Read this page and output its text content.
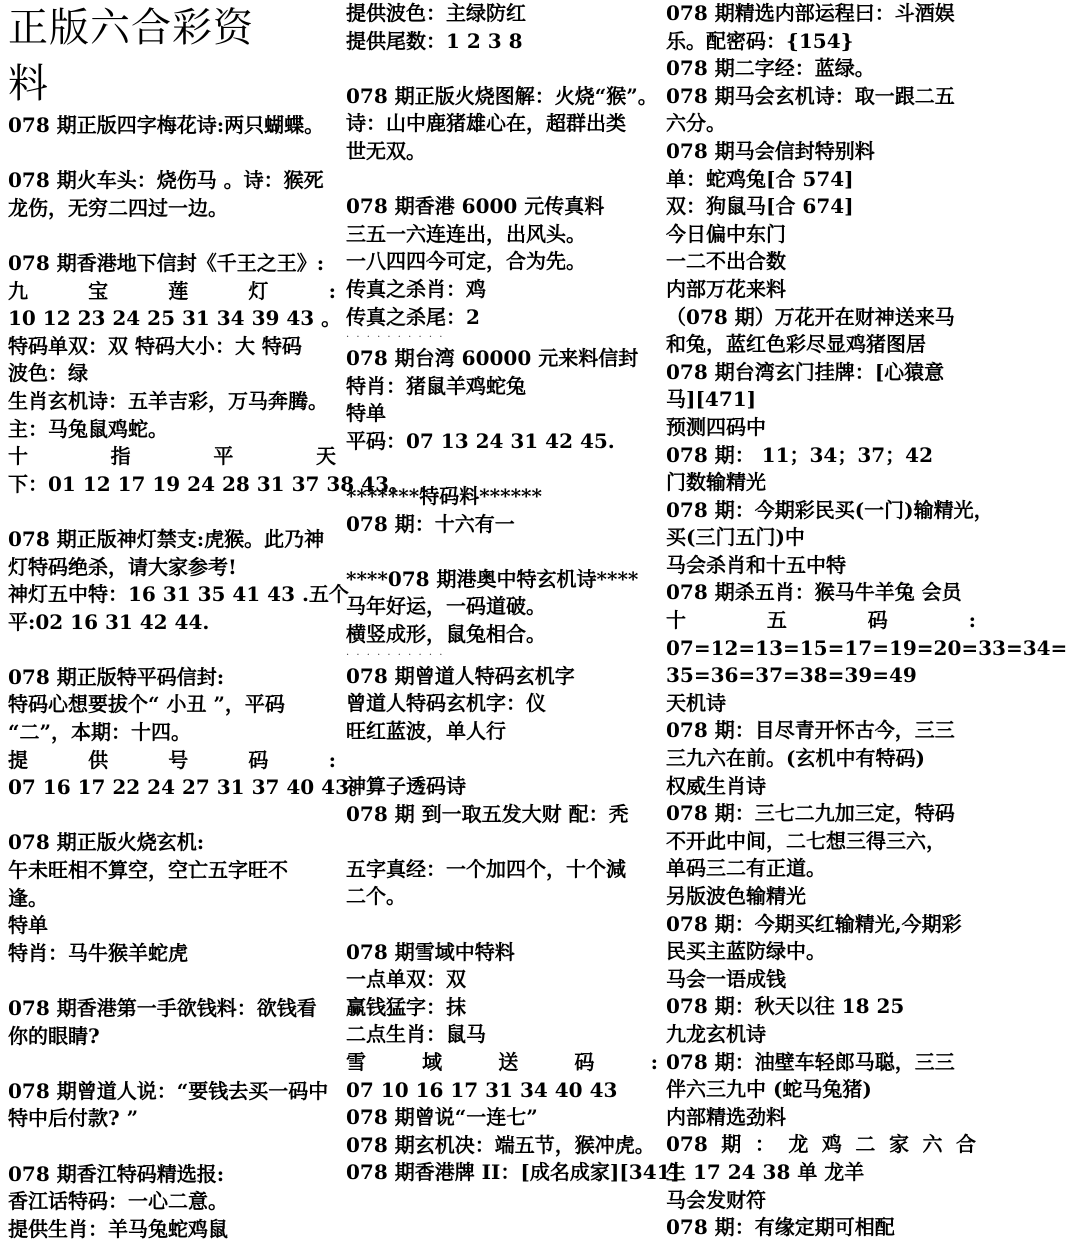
正版六合彩资
料
078 期正版四字梅花诗:两只蝴蝶。
078 期火车头：烧伤马 。诗：猴死
龙伤，无穷二四过一边。
078 期香港地下信封《千王之王》:
九	宝	莲	灯	:
10 12 23 24 25 31 34 39 43 。
特码单双：双 特码大小：大 特码
波色：绿
生肖玄机诗：五羊吉彩，万马奔腾。
主：马兔鼠鸡蛇。
十	指	平	天
下：01 12 17 19 24 28 31 37 38 43。
078 期正版神灯禁支:虎猴。此乃神
灯特码绝杀，请大家参考!
神灯五中特：16 31 35 41 43 .五个
平:02 16 31 42 44.
078 期正版特平码信封:
特码心想要拔个“ 小丑 ”，平码
“二”，本期：十四。
提	供	号	码	:
07 16 17 22 24 27 31 37 40 43。
078 期正版火烧玄机:
午未旺相不算空，空亡五字旺不
逢。
特单
特肖：马牛猴羊蛇虎
078 期香港第一手欲钱料：欲钱看
你的眼睛?
078 期曾道人说：“要钱去买一码中
特中后付款? ”
078 期香江特码精选报:
香江话特码：一心二意。
提供生肖：羊马兔蛇鸡鼠
提供波色：主绿防红
提供尾数：1 2 3 8
078 期正版火烧图解：火烧“猴”。
诗：山中鹿猪雄心在，超群出类
世无双。
078 期香港 6000 元传真料
三五一六连连出，出风头。
一八四四今可定，合为先。
传真之杀肖：鸡
传真之杀尾：2
· · · · · · · · · ·
078 期台湾 60000 元来料信封
特肖：猪鼠羊鸡蛇兔
特单
平码：07 13 24 31 42 45.
*******特码料******
078 期：十六有一
****078 期港奥中特玄机诗****
马年好运，一码道破。
横竖成形，鼠兔相合。
· · · · · · · · · ·
078 期曾道人特码玄机字
曾道人特码玄机字：仪
旺红蓝波，单人行
神算子透码诗
078 期 到一取五发大财 配：秃
五字真经：一个加四个，十个減
二个。
078 期雪域中特料
一点单双：双
赢钱猛字：抹
二点生肖：鼠马
雪	域	送	码	:
07 10 16 17 31 34 40 43
078 期曾说“一连七”
078 期玄机决：端五节，猴冲虎。
078 期香港牌 II：[成名成家][341]
078 期精选内部运程曰：斗酒娱
乐。配密码：{154}
078 期二字经：蓝绿。
078 期马会玄机诗：取一跟二五
六分。
078 期马会信封特别料
单：蛇鸡兔[合 574]
双：狗鼠马[合 674]
今日偏中东门
一二不出合数
内部万花来料
（078 期）万花开在财神送来马
和兔，蓝红色彩尽显鸡猪图居
078 期台湾玄门挂牌：[心猿意
马][471]
预测四码中
078 期： 11；34；37；42
门数输精光
078 期：今期彩民买(一门)输精光，
买(三门五门)中
马会杀肖和十五中特
078 期杀五肖：猴马牛羊兔 会员
十	五	码	:
07=12=13=15=17=19=20=33=34=
35=36=37=38=39=49
天机诗
078 期：目尽青开怀古今，三三
三九六在前。(玄机中有特码)
权威生肖诗
078 期：三七二九加三定，特码
不开此中间，二七想三得三六，
单码三二有正道。
另版波色输精光
078 期：今期买红输精光,今期彩
民买主蓝防绿中。
马会一语成钱
078 期：秋天以往 18 25
九龙玄机诗
078 期：油壁车轻郎马聪，三三
伴六三九中 (蛇马兔猪)
内部精选劲料
078 期 ： 龙 鸡 二 家 六 合
生 17 24 38 单 龙羊
马会发财符
078 期：有缘定期可相配
